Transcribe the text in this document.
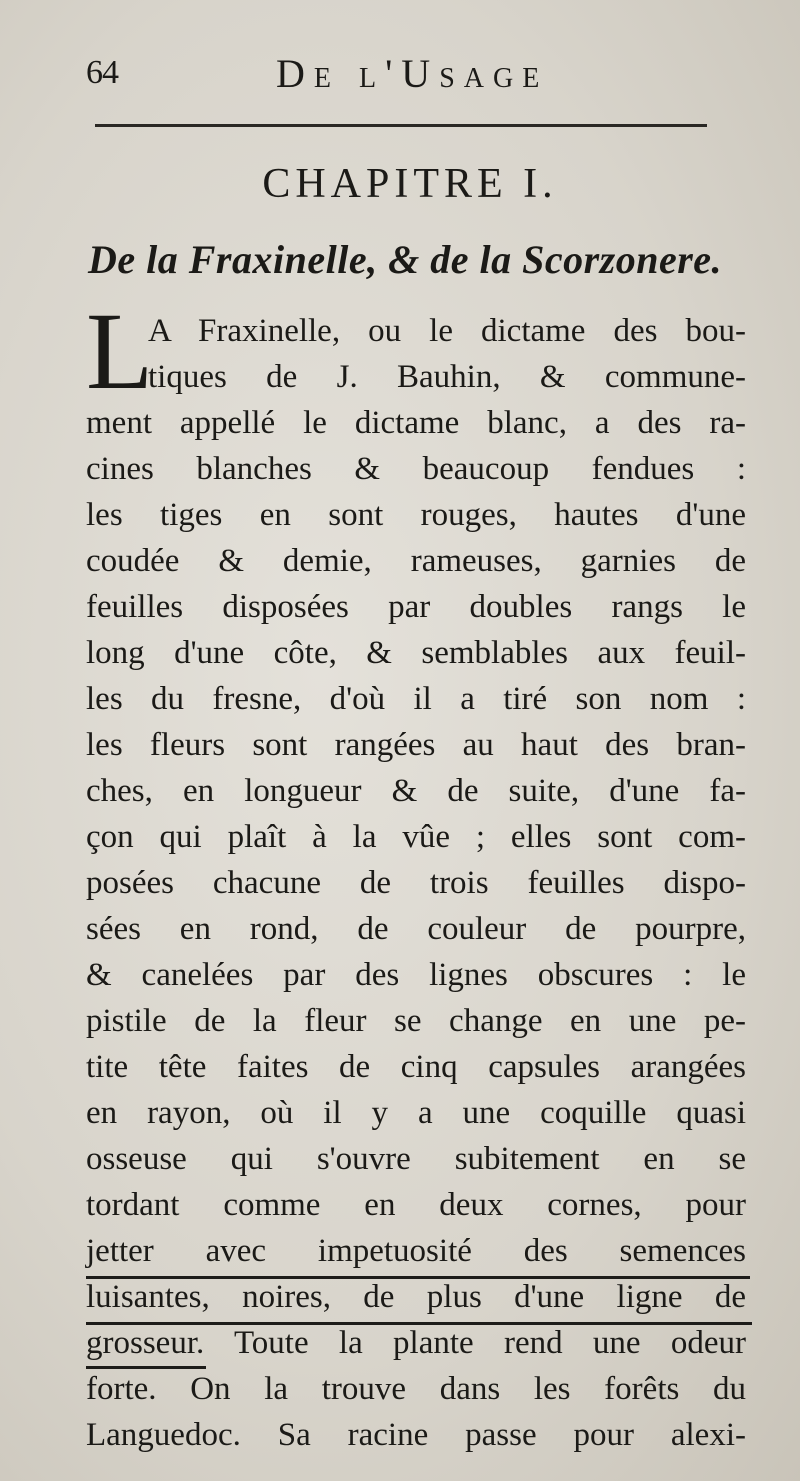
64	De l'Usage
CHAPITRE I.
De la Fraxinelle, & de la Scorzonere.
L
A Fraxinelle, ou le dictame des bou-
tiques de J. Bauhin, & commune-
ment appellé le dictame blanc, a des ra-
cines blanches & beaucoup fendues :
les tiges en sont rouges, hautes d'une
coudée & demie, rameuses, garnies de
feuilles disposées par doubles rangs le
long d'une côte, & semblables aux feuil-
les du fresne, d'où il a tiré son nom :
les fleurs sont rangées au haut des bran-
ches, en longueur & de suite, d'une fa-
çon qui plaît à la vûe ; elles sont com-
posées chacune de trois feuilles dispo-
sées en rond, de couleur de pourpre,
& canelées par des lignes obscures : le
pistile de la fleur se change en une pe-
tite tête faites de cinq capsules arangées
en rayon, où il y a une coquille quasi
osseuse qui s'ouvre subitement en se
tordant comme en deux cornes, pour
jetter avec impetuosité des semences
luisantes, noires, de plus d'une ligne de
grosseur. Toute la plante rend une odeur
forte. On la trouve dans les forêts du
Languedoc. Sa racine passe pour alexi-
